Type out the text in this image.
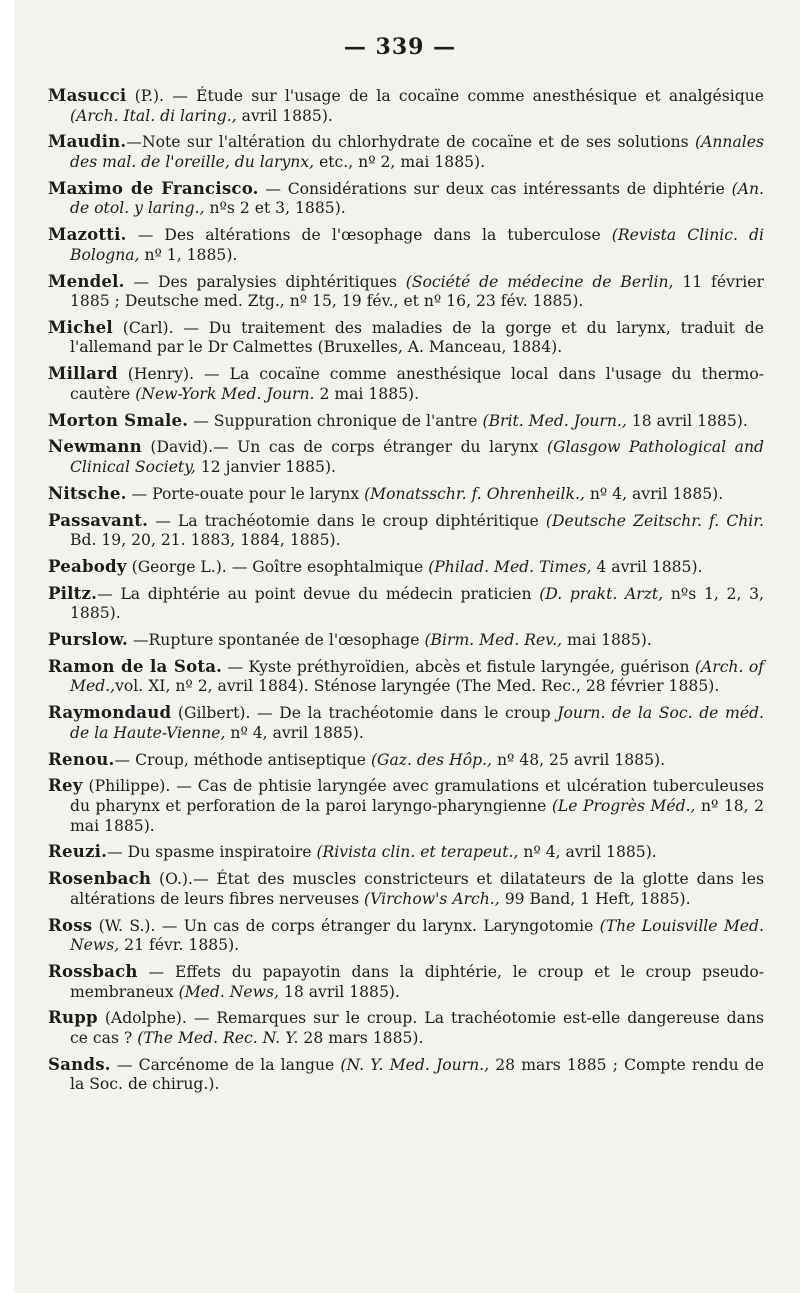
— 339 —

Masucci (P.). — Étude sur l'usage de la cocaïne comme anesthésique et analgésique (Arch. Ital. di laring., avril 1885).

Maudin.—Note sur l'altération du chlorhydrate de cocaïne et de ses solutions (Annales des mal. de l'oreille, du larynx, etc., nº 2, mai 1885).

Maximo de Francisco. — Considérations sur deux cas intéressants de diphtérie (An. de otol. y laring., nºs 2 et 3, 1885).

Mazotti. — Des altérations de l'œsophage dans la tuberculose (Revista Clinic. di Bologna, nº 1, 1885).

Mendel. — Des paralysies diphtéritiques (Société de médecine de Berlin, 11 février 1885 ; Deutsche med. Ztg., nº 15, 19 fév., et nº 16, 23 fév. 1885).

Michel (Carl). — Du traitement des maladies de la gorge et du larynx, traduit de l'allemand par le Dr Calmettes (Bruxelles, A. Manceau, 1884).

Millard (Henry). — La cocaïne comme anesthésique local dans l'usage du thermo-cautère (New-York Med. Journ. 2 mai 1885).

Morton Smale. — Suppuration chronique de l'antre (Brit. Med. Journ., 18 avril 1885).

Newmann (David).— Un cas de corps étranger du larynx (Glasgow Pathological and Clinical Society, 12 janvier 1885).

Nitsche. — Porte-ouate pour le larynx (Monatsschr. f. Ohrenheilk., nº 4, avril 1885).

Passavant. — La trachéotomie dans le croup diphtéritique (Deutsche Zeitschr. f. Chir. Bd. 19, 20, 21. 1883, 1884, 1885).

Peabody (George L.). — Goître esophtalmique (Philad. Med. Times, 4 avril 1885).

Piltz.— La diphtérie au point devue du médecin praticien (D. prakt. Arzt, nºs 1, 2, 3, 1885).

Purslow. —Rupture spontanée de l'œsophage (Birm. Med. Rev., mai 1885).

Ramon de la Sota. — Kyste préthyroïdien, abcès et fistule laryngée, guérison (Arch. of Med.,vol. XI, nº 2, avril 1884). Sténose laryngée (The Med. Rec., 28 février 1885).

Raymondaud (Gilbert). — De la trachéotomie dans le croup Journ. de la Soc. de méd. de la Haute-Vienne, nº 4, avril 1885).

Renou.— Croup, méthode antiseptique (Gaz. des Hôp., nº 48, 25 avril 1885).

Rey (Philippe). — Cas de phtisie laryngée avec gramulations et ulcération tuberculeuses du pharynx et perforation de la paroi laryngo-pharyngienne (Le Progrès Méd., nº 18, 2 mai 1885).

Reuzi.— Du spasme inspiratoire (Rivista clin. et terapeut., nº 4, avril 1885).

Rosenbach (O.).— État des muscles constricteurs et dilatateurs de la glotte dans les altérations de leurs fibres nerveuses (Virchow's Arch., 99 Band, 1 Heft, 1885).

Ross (W. S.). — Un cas de corps étranger du larynx. Laryngotomie (The Louisville Med. News, 21 févr. 1885).

Rossbach — Effets du papayotin dans la diphtérie, le croup et le croup pseudo-membraneux (Med. News, 18 avril 1885).

Rupp (Adolphe). — Remarques sur le croup. La trachéotomie est-elle dangereuse dans ce cas ? (The Med. Rec. N. Y. 28 mars 1885).

Sands. — Carcénome de la langue (N. Y. Med. Journ., 28 mars 1885 ; Compte rendu de la Soc. de chirug.).
